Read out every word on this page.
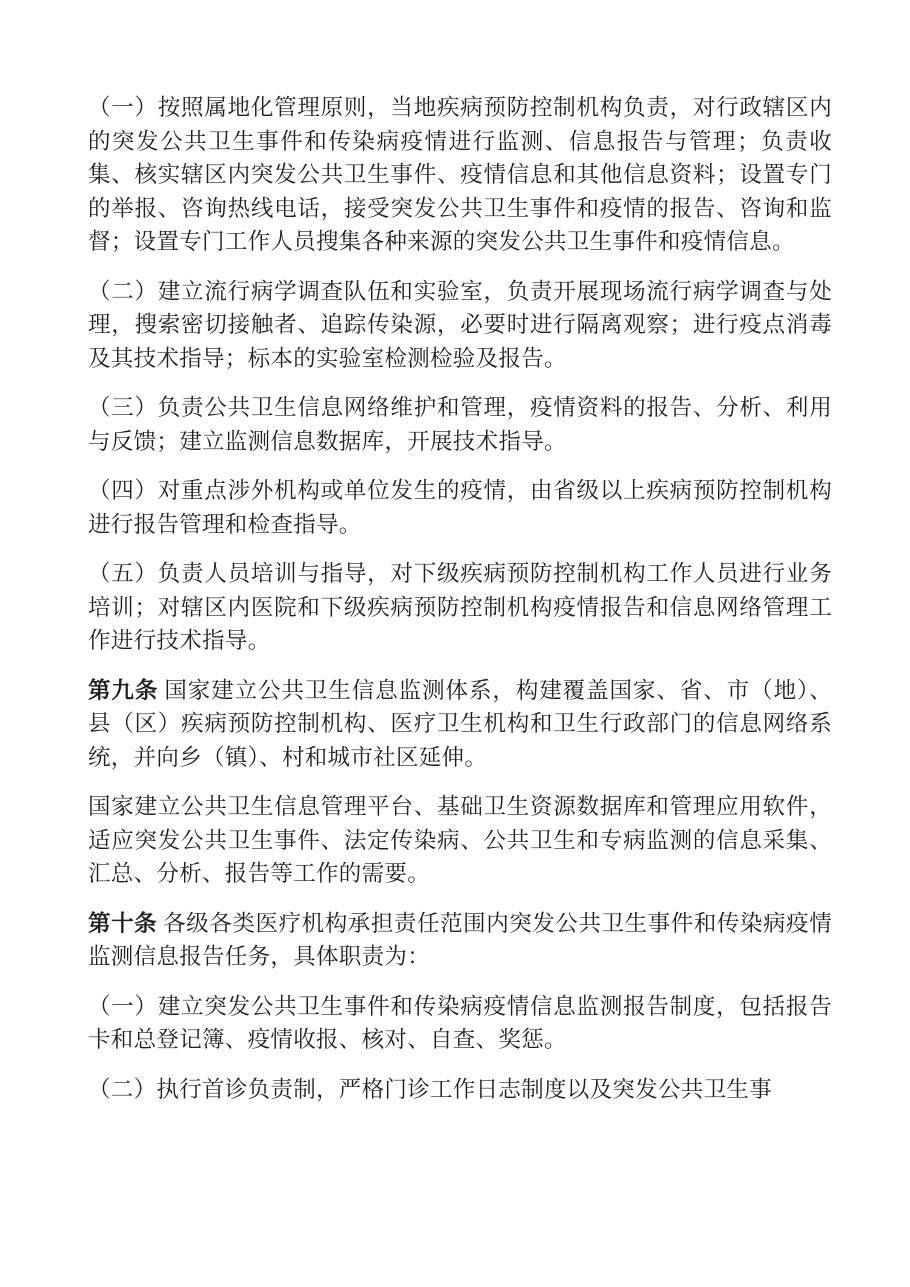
（一）按照属地化管理原则，当地疾病预防控制机构负责，对行政辖区内的突发公共卫生事件和传染病疫情进行监测、信息报告与管理；负责收集、核实辖区内突发公共卫生事件、疫情信息和其他信息资料；设置专门的举报、咨询热线电话，接受突发公共卫生事件和疫情的报告、咨询和监督；设置专门工作人员搜集各种来源的突发公共卫生事件和疫情信息。

（二）建立流行病学调查队伍和实验室，负责开展现场流行病学调查与处理，搜索密切接触者、追踪传染源，必要时进行隔离观察；进行疫点消毒及其技术指导；标本的实验室检测检验及报告。

（三）负责公共卫生信息网络维护和管理，疫情资料的报告、分析、利用与反馈；建立监测信息数据库，开展技术指导。

（四）对重点涉外机构或单位发生的疫情，由省级以上疾病预防控制机构进行报告管理和检查指导。

（五）负责人员培训与指导，对下级疾病预防控制机构工作人员进行业务培训；对辖区内医院和下级疾病预防控制机构疫情报告和信息网络管理工作进行技术指导。

第九条 国家建立公共卫生信息监测体系，构建覆盖国家、省、市（地）、县（区）疾病预防控制机构、医疗卫生机构和卫生行政部门的信息网络系统，并向乡（镇）、村和城市社区延伸。

国家建立公共卫生信息管理平台、基础卫生资源数据库和管理应用软件，适应突发公共卫生事件、法定传染病、公共卫生和专病监测的信息采集、汇总、分析、报告等工作的需要。

第十条 各级各类医疗机构承担责任范围内突发公共卫生事件和传染病疫情监测信息报告任务，具体职责为：

（一）建立突发公共卫生事件和传染病疫情信息监测报告制度，包括报告卡和总登记簿、疫情收报、核对、自查、奖惩。

（二）执行首诊负责制，严格门诊工作日志制度以及突发公共卫生事
